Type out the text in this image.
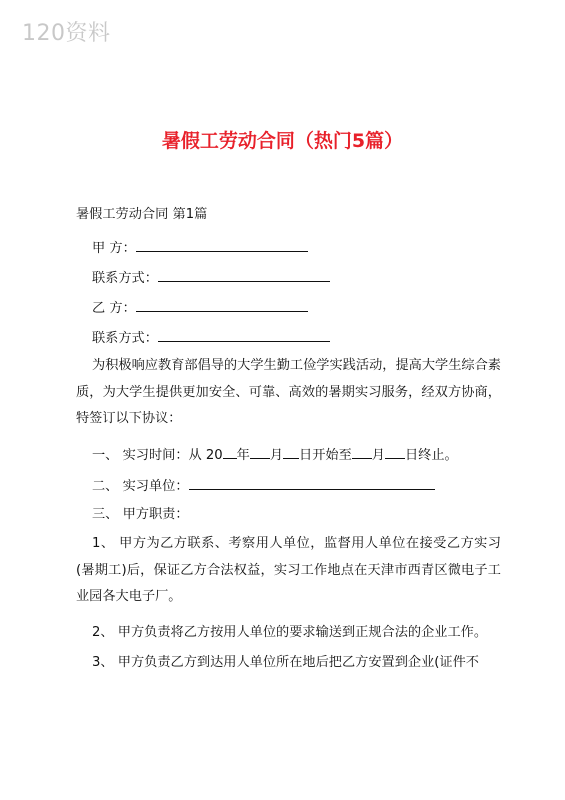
120资料
暑假工劳动合同（热门5篇）
暑假工劳动合同 第1篇
甲 方：
联系方式：
乙 方：
联系方式：
为积极响应教育部倡导的大学生勤工俭学实践活动，提高大学生综合素质，为大学生提供更加安全、可靠、高效的暑期实习服务，经双方协商，特签订以下协议：
一、 实习时间：从 20 年 月 日开始至 月 日终止。
二、 实习单位：
三、 甲方职责：
1、 甲方为乙方联系、考察用人单位，监督用人单位在接受乙方实习(暑期工)后，保证乙方合法权益，实习工作地点在天津市西青区微电子工业园各大电子厂。
2、 甲方负责将乙方按用人单位的要求输送到正规合法的企业工作。
3、 甲方负责乙方到达用人单位所在地后把乙方安置到企业(证件不
